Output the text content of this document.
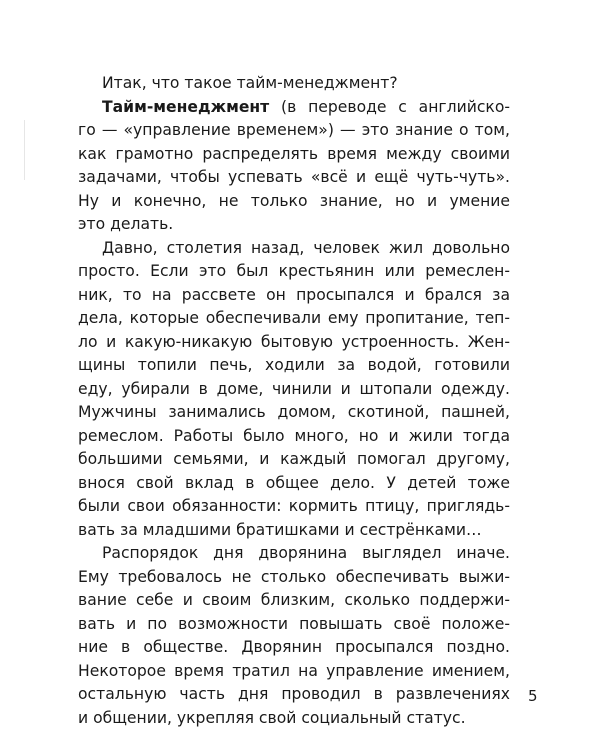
Итак, что такое тайм-менеджмент?
Тайм-менеджмент (в переводе с английско-
го — «управление временем») — это знание о том,
как грамотно распределять время между своими
задачами, чтобы успевать «всё и ещё чуть-чуть».
Ну и конечно, не только знание, но и умение
это делать.
Давно, столетия назад, человек жил довольно
просто. Если это был крестьянин или ремеслен-
ник, то на рассвете он просыпался и брался за
дела, которые обеспечивали ему пропитание, теп-
ло и какую-никакую бытовую устроенность. Жен-
щины топили печь, ходили за водой, готовили
еду, убирали в доме, чинили и штопали одежду.
Мужчины занимались домом, скотиной, пашней,
ремеслом. Работы было много, но и жили тогда
большими семьями, и каждый помогал другому,
внося свой вклад в общее дело. У детей тоже
были свои обязанности: кормить птицу, приглядь-
вать за младшими братишками и сестрёнками…
Распорядок дня дворянина выглядел иначе.
Ему требовалось не столько обеспечивать выжи-
вание себе и своим близким, сколько поддержи-
вать и по возможности повышать своё положе-
ние в обществе. Дворянин просыпался поздно.
Некоторое время тратил на управление имением,
остальную часть дня проводил в развлечениях
и общении, укрепляя свой социальный статус.
5
